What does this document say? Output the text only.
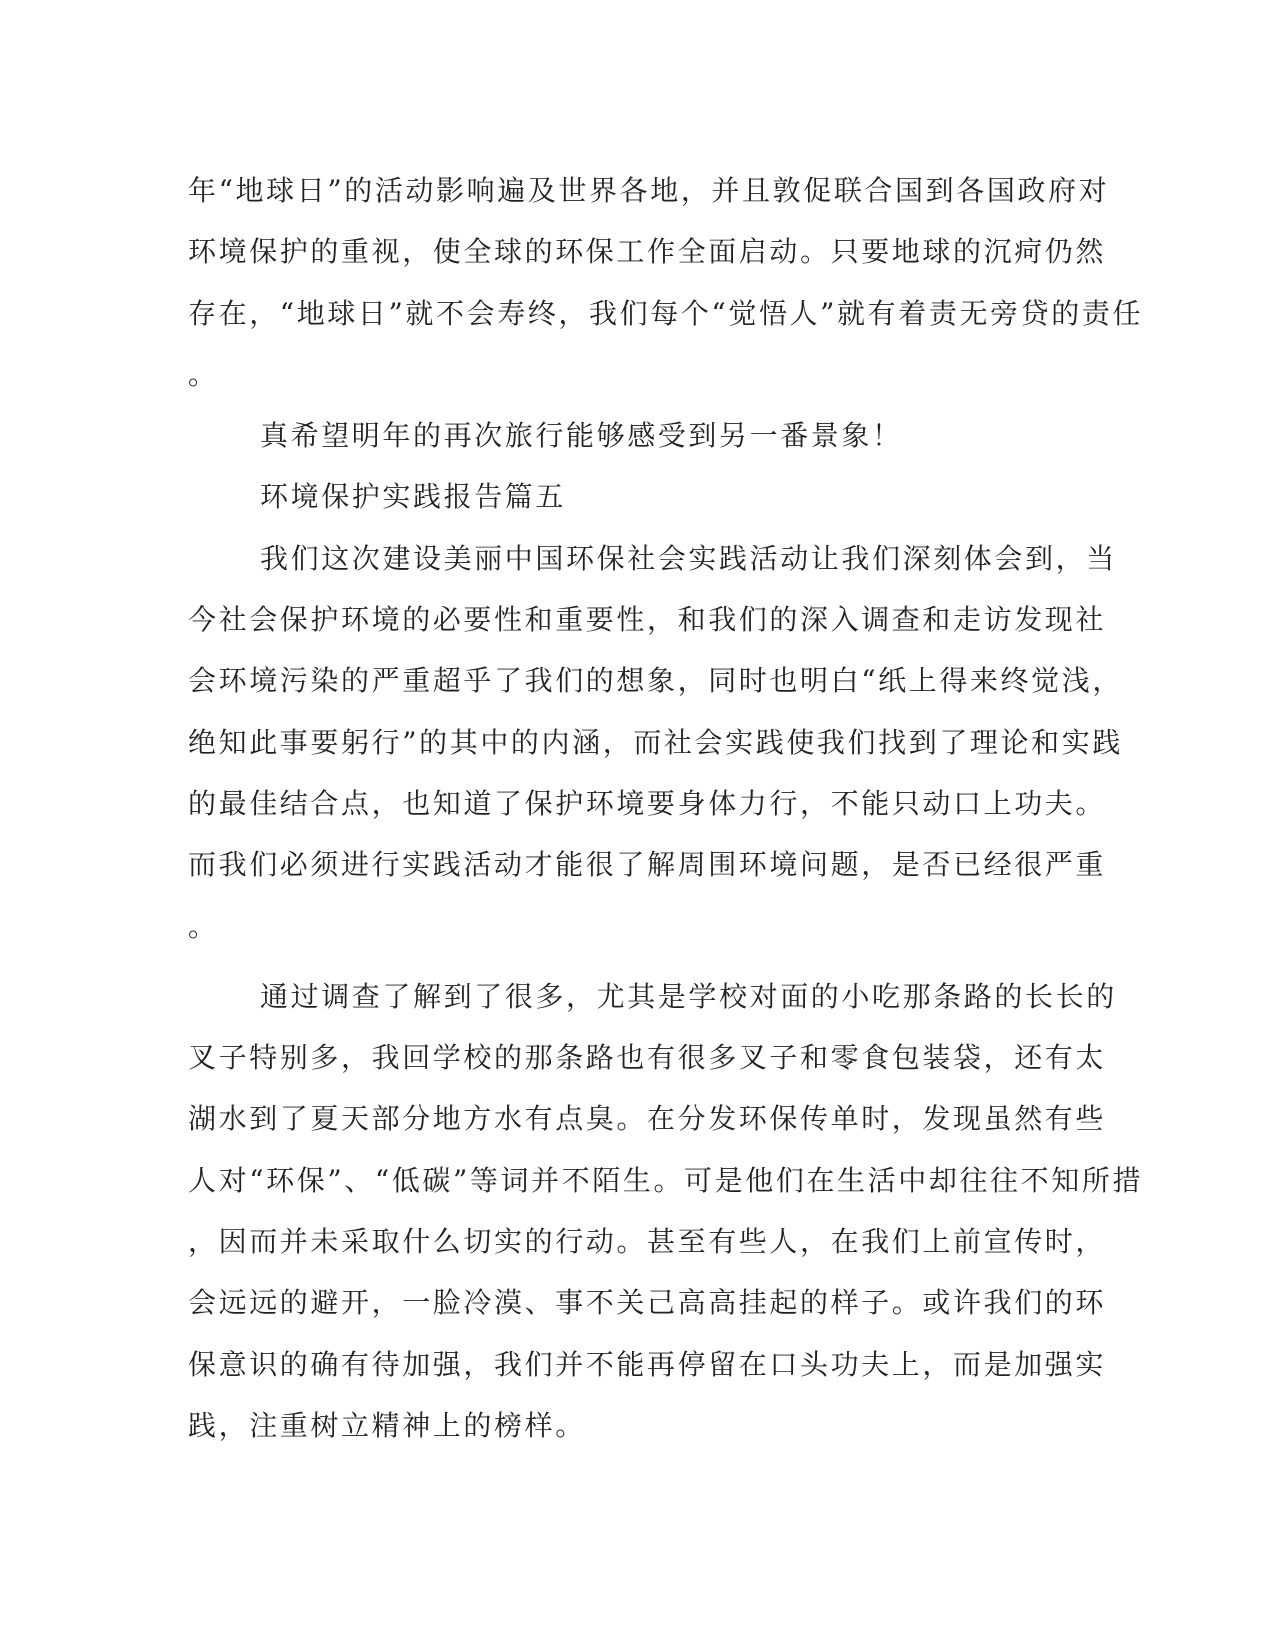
年“地球日”的活动影响遍及世界各地，并且敦促联合国到各国政府对
环境保护的重视，使全球的环保工作全面启动。只要地球的沉疴仍然
存在，“地球日”就不会寿终，我们每个“觉悟人”就有着责无旁贷的责任
。
真希望明年的再次旅行能够感受到另一番景象！
环境保护实践报告篇五
我们这次建设美丽中国环保社会实践活动让我们深刻体会到，当
今社会保护环境的必要性和重要性，和我们的深入调查和走访发现社
会环境污染的严重超乎了我们的想象，同时也明白“纸上得来终觉浅，
绝知此事要躬行”的其中的内涵，而社会实践使我们找到了理论和实践
的最佳结合点，也知道了保护环境要身体力行，不能只动口上功夫。
而我们必须进行实践活动才能很了解周围环境问题，是否已经很严重
。
通过调查了解到了很多，尤其是学校对面的小吃那条路的长长的
叉子特别多，我回学校的那条路也有很多叉子和零食包装袋，还有太
湖水到了夏天部分地方水有点臭。在分发环保传单时，发现虽然有些
人对“环保”、“低碳”等词并不陌生。可是他们在生活中却往往不知所措
，因而并未采取什么切实的行动。甚至有些人，在我们上前宣传时，
会远远的避开，一脸冷漠、事不关己高高挂起的样子。或许我们的环
保意识的确有待加强，我们并不能再停留在口头功夫上，而是加强实
践，注重树立精神上的榜样。
